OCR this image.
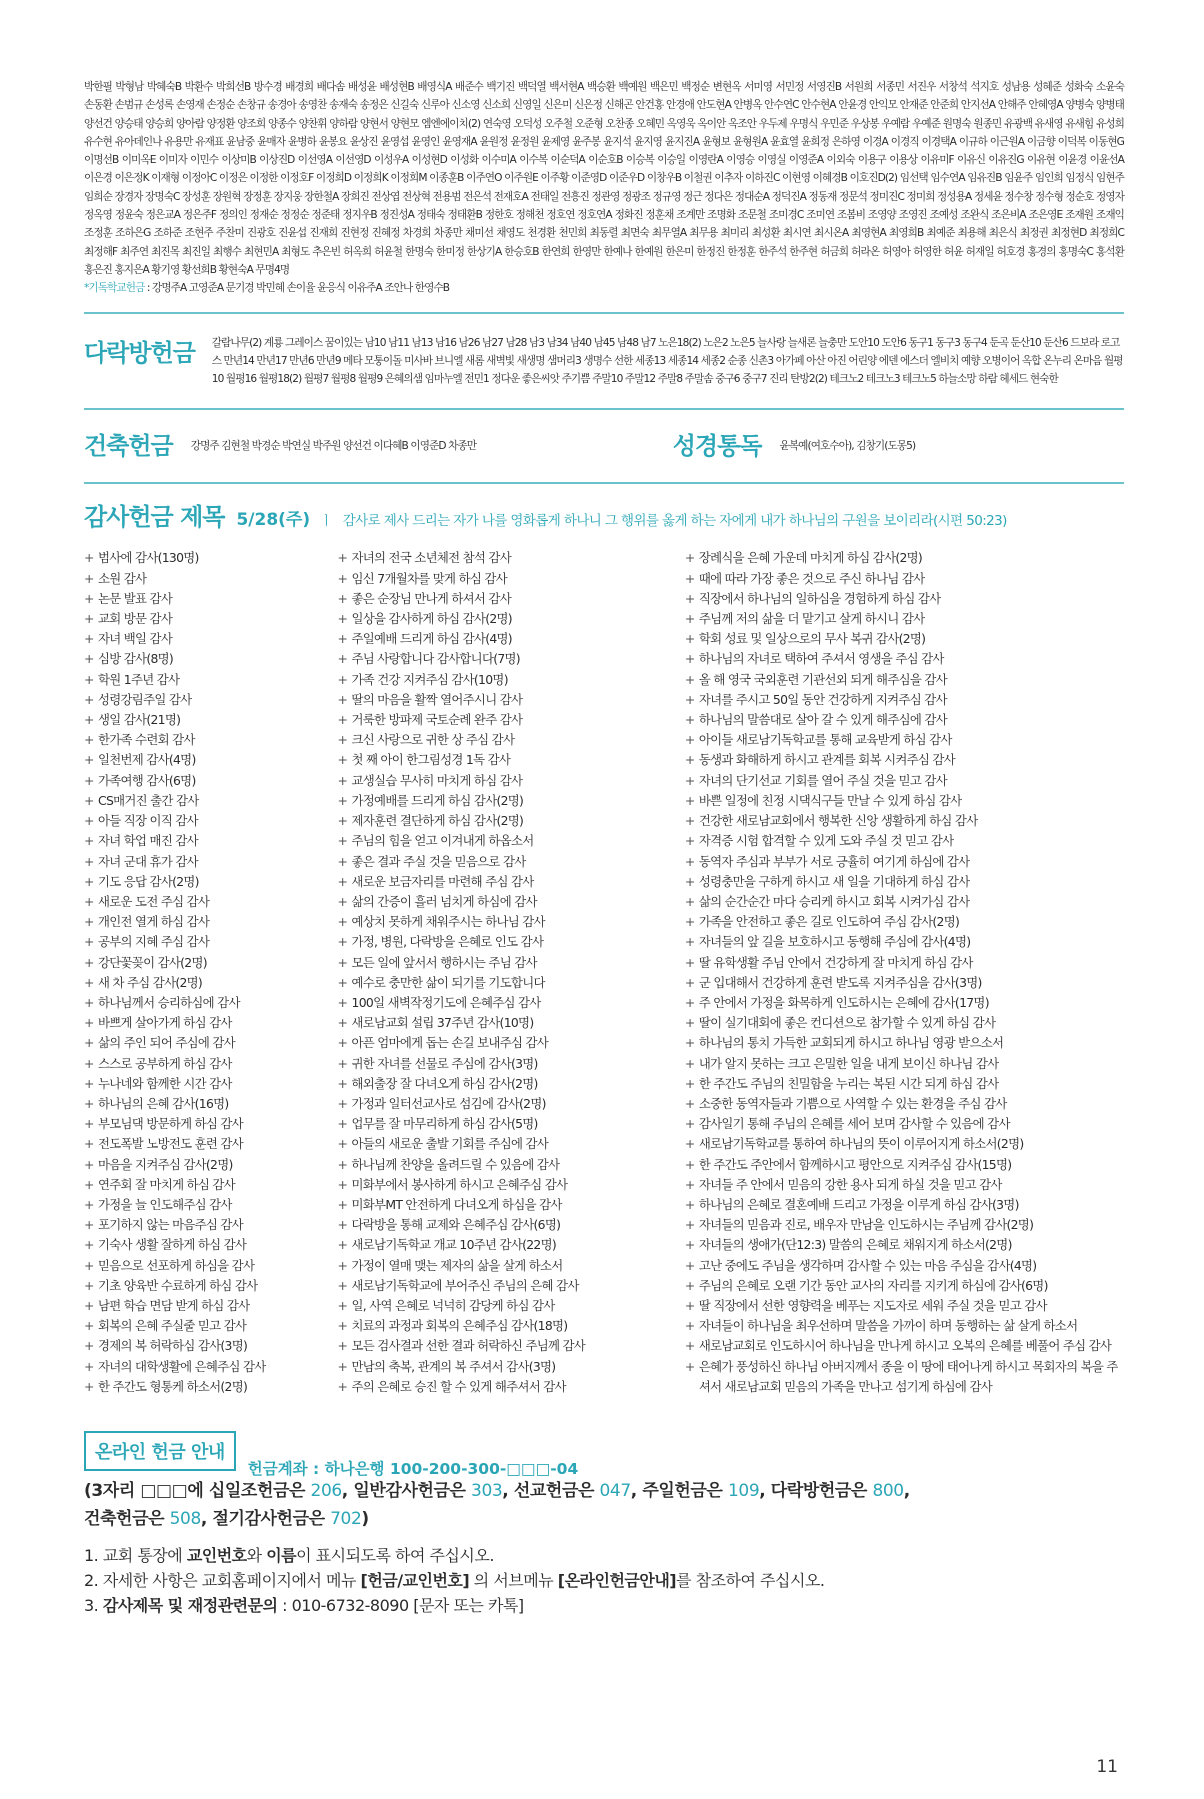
박한필 박형남 박혜숙B 박환수 박희선B 방수경 배경희 배다솜 배성윤 배성현B 배영식A 배준수 백기진 백덕열 백서현A 백승환 백예원 백은민 백정순 변현옥 서미영 서민정 서영진B 서원희 서종민 서진우 서창석 석지호 성남용 성혜준 성화숙 소윤숙 손동환 손범규 손성록 손영재 손정순 손창규 송경아 송영찬 송재숙 송정은 신길숙 신루아 신소영 신소희 신영일 신은미 신은정 신해곤 안건홍 안경애 안도현A 안병옥 안수연C 안수현A 안윤경 안익모 안재준 안준희 안지선A 안해주 안혜영A 양병숙 양병태 양선건 양승태 양승희 양아람 양정환 양조희 양종수 양찬휘 양하람 양현서 양현모 엠엔에이치(2) 연숙영 오덕성 오주철 오준형 오찬종 오혜민 옥영욱 옥이안 옥조안 우두제 우명식 우민준 우상봉 우예람 우예준 원명숙 원종민 유광백 유새영 유새힘 유성희 유수현 유아데인나 유용만 유재표 윤남중 윤매자 윤병하 윤봉요 윤상진 윤영섭 윤영인 윤영재A 윤원정 윤정원 윤제영 윤주봉 윤지석 윤지영 윤지진A 윤형보 윤형원A 윤효열 윤희정 은하영 이경A 이경직 이경택A 이규하 이근원A 이금향 이덕복 이동현G 이명선B 이미옥E 이미자 이민수 이상미B 이상진D 이선영A 이선영D 이성우A 이성현D 이성화 이수미A 이수복 이순덕A 이순호B 이승복 이승일 이영란A 이영승 이영실 이영준A 이외숙 이용구 이용상 이유미F 이유신 이유진G 이유현 이윤경 이윤선A 이은경 이은정K 이재형 이정아C 이정은 이정한 이정호F 이정희D 이정희K 이정희M 이종훈B 이주연O 이주원E 이주황 이준영D 이준우D 이창우B 이철권 이추자 이하진C 이현영 이혜경B 이호진D(2) 임선택 임수연A 임유진B 임윤주 임인희 임정식 임현주 임희순 장경자 장명숙C 장성훈 장원혁 장정훈 장지웅 장한철A 장희진 전상엽 전상혁 전용범 전은석 전재호A 전태일 전흥진 정관영 정광조 정규영 정근 정다은 정대순A 정덕진A 정동재 정문석 정미진C 정미희 정성용A 정세윤 정수창 정수형 정순호 정영자 정옥영 정윤숙 정은교A 정은주F 정의인 정재순 정정순 정준태 정지우B 정진성A 정태숙 정태환B 정한호 정해천 정호연 정호연A 정화진 정훈채 조계만 조명화 조문철 조미경C 조미연 조봄비 조영양 조영진 조예성 조완식 조은비A 조은영E 조재원 조재익 조정훈 조하은G 조하준 조현주 주찬미 진광호 진윤섭 진재희 진현정 진혜정 차경희 차종만 채미선 채영도 천경환 천민희 최동렬 최면숙 최무열A 최무용 최미리 최성환 최시연 최시온A 최영현A 최영희B 최예준 최용해 최은식 최정권 최정현D 최정희C 최정해F 최주연 최진목 최진일 최행수 최현민A 최형도 추은빈 허옥희 허윤철 한명숙 한미정 한상기A 한승호B 한연희 한영만 한예나 한예원 한은미 한정진 한정훈 한주석 한주현 허금희 허라온 허영아 허영한 허윤 허재일 허호경 홍경의 홍명숙C 홍석환 홍은진 홍지은A 황기영 황선희B 황현숙A 무명4명
*기독학교헌금 : 강명주A 고영준A 문기경 박민혜 손이율 윤응식 이유주A 조안나 한영수B
다락방헌금	갈람나무(2) 계룡 그레이스 꿈이있는 남10 남11 남13 남16 남26 남27 남28 남3 남34 남40 남45 남48 남7 노은18(2) 노은2 노은5 늘사랑 늘새론 늘충만 도안10 도안6 동구1 동구3 동구4 둔곡 둔산10 둔산6 드보라 로고스 만년14 만년17 만년6 만년9 메타 모퉁이돌 미사바 브니엘 새롬 새벽빛 새생명 샘머리3 생명수 선한 세종13 세종14 세종2 순종 신촌3 아가페 아산 아진 어린양 에덴 에스더 엘비치 예향 오병이어 옥합 온누리 온마음 월평10 월평16 월평18(2) 월평7 월평8 월평9 은혜의샘 임마누엘 전민1 정다운 좋은씨앗 주기쁨 주말10 주말12 주말8 주말솜 중구6 중구7 진리 탄방2(2) 테크노2 테크노3 테크노5 하늘소망 하람 헤세드 현숙한
건축헌금 강명주 김현철 박경순 박연실 박주원 양선건 이다혜B 이영준D 차종만	성경통독 윤복예(여호수아), 김창기(도몽5)
감사헌금 제목 5/28(주) ㅣ 감사로 제사 드리는 자가 나를 영화롭게 하나니 그 행위를 옳게 하는 자에게 내가 하나님의 구원을 보이리라(시편 50:23)
+ 범사에 감사(130명)
+ 소원 감사
+ 논문 발표 감사
+ 교회 방문 감사
+ 자녀 백일 감사
+ 심방 감사(8명)
+ 학원 1주년 감사
+ 성령강림주일 감사
+ 생일 감사(21명)
+ 한가족 수련회 감사
+ 일천번제 감사(4명)
+ 가족여행 감사(6명)
+ CS매거진 출간 감사
+ 아들 직장 이직 감사
+ 자녀 학업 매진 감사
+ 자녀 군대 휴가 감사
+ 기도 응답 감사(2명)
+ 새로운 도전 주심 감사
+ 개인전 열게 하심 감사
+ 공부의 지혜 주심 감사
+ 강단꽃꽂이 감사(2명)
+ 새 차 주심 감사(2명)
+ 하나님께서 승리하심에 감사
+ 바쁘게 살아가게 하심 감사
+ 삶의 주인 되어 주심에 감사
+ 스스로 공부하게 하심 감사
+ 누나네와 함께한 시간 감사
+ 하나님의 은혜 감사(16명)
+ 부모님댁 방문하게 하심 감사
+ 전도폭발 노방전도 훈련 감사
+ 마음을 지켜주심 감사(2명)
+ 연주회 잘 마치게 하심 감사
+ 가정을 늘 인도해주심 감사
+ 포기하지 않는 마음주심 감사
+ 기숙사 생활 잘하게 하심 감사
+ 믿음으로 선포하게 하심을 감사
+ 기초 양육반 수료하게 하심 감사
+ 남편 학습 면담 받게 하심 감사
+ 회복의 은혜 주실줄 믿고 감사
+ 경제의 복 허락하심 감사(3명)
+ 자녀의 대학생활에 은혜주심 감사
+ 한 주간도 형통케 하소서(2명)
+ 자녀의 전국 소년체전 참석 감사
+ 임신 7개월차를 맞게 하심 감사
+ 좋은 순장님 만나게 하셔서 감사
+ 일상을 감사하게 하심 감사(2명)
+ 주일예배 드리게 하심 감사(4명)
+ 주님 사랑합니다 감사합니다(7명)
+ 가족 건강 지켜주심 감사(10명)
+ 딸의 마음을 활짝 열어주시니 감사
+ 거룩한 방파제 국토순례 완주 감사
+ 크신 사랑으로 귀한 상 주심 감사
+ 첫 째 아이 한그림성경 1독 감사
+ 교생실습 무사히 마치게 하심 감사
+ 가정예배를 드리게 하심 감사(2명)
+ 제자훈련 결단하게 하심 감사(2명)
+ 주님의 힘을 얻고 이겨내게 하옵소서
+ 좋은 결과 주실 것을 믿음으로 감사
+ 새로운 보금자리를 마련해 주심 감사
+ 삶의 간증이 흘러 넘치게 하심에 감사
+ 예상치 못하게 채워주시는 하나님 감사
+ 가정, 병원, 다락방을 은혜로 인도 감사
+ 모든 일에 앞서서 행하시는 주님 감사
+ 예수로 충만한 삶이 되기를 기도합니다
+ 100일 새벽작정기도에 은혜주심 감사
+ 새로남교회 설립 37주년 감사(10명)
+ 아픈 엄마에게 돕는 손길 보내주심 감사
+ 귀한 자녀를 선물로 주심에 감사(3명)
+ 해외출장 잘 다녀오게 하심 감사(2명)
+ 가정과 일터선교사로 섬김에 감사(2명)
+ 업무를 잘 마무리하게 하심 감사(5명)
+ 아들의 새로운 출발 기회를 주심에 감사
+ 하나님께 찬양을 올려드릴 수 있음에 감사
+ 미화부에서 봉사하게 하시고 은혜주심 감사
+ 미화부MT 안전하게 다녀오게 하심을 감사
+ 다락방을 통해 교제와 은혜주심 감사(6명)
+ 새로남기독학교 개교 10주년 감사(22명)
+ 가정이 열매 맺는 제자의 삶을 살게 하소서
+ 새로남기독학교에 부어주신 주님의 은혜 감사
+ 일, 사역 은혜로 넉넉히 감당케 하심 감사
+ 치료의 과정과 회복의 은혜주심 감사(18명)
+ 모든 검사결과 선한 결과 허락하신 주님께 감사
+ 만남의 축복, 관계의 복 주셔서 감사(3명)
+ 주의 은혜로 승진 할 수 있게 해주셔서 감사
+ 장례식을 은혜 가운데 마치게 하심 감사(2명)
+ 때에 따라 가장 좋은 것으로 주신 하나님 감사
+ 직장에서 하나님의 일하심을 경험하게 하심 감사
+ 주님께 저의 삶을 더 맡기고 살게 하시니 감사
+ 학회 성료 및 일상으로의 무사 복귀 감사(2명)
+ 하나님의 자녀로 택하여 주셔서 영생을 주심 감사
+ 올 해 영국 국외훈련 기관선외 되게 해주심을 감사
+ 자녀를 주시고 50일 동안 건강하게 지켜주심 감사
+ 하나님의 말씀대로 살아 갈 수 있게 해주심에 감사
+ 아이들 새로남기독학교를 통해 교육받게 하심 감사
+ 동생과 화해하게 하시고 관계를 회복 시켜주심 감사
+ 자녀의 단기선교 기회를 열어 주실 것을 믿고 감사
+ 바쁜 일정에 친정 시댁식구들 만날 수 있게 하심 감사
+ 건강한 새로남교회에서 행복한 신앙 생활하게 하심 감사
+ 자격증 시험 합격할 수 있게 도와 주실 것 믿고 감사
+ 동역자 주심과 부부가 서로 긍휼히 여기게 하심에 감사
+ 성령충만을 구하게 하시고 새 일을 기대하게 하심 감사
+ 삶의 순간순간 마다 승리케 하시고 회복 시켜가심 감사
+ 가족을 안전하고 좋은 길로 인도하여 주심 감사(2명)
+ 자녀들의 앞 길을 보호하시고 동행해 주심에 감사(4명)
+ 딸 유학생활 주님 안에서 건강하게 잘 마치게 하심 감사
+ 군 입대해서 건강하게 훈련 받도록 지켜주심을 감사(3명)
+ 주 안에서 가정을 화목하게 인도하시는 은혜에 감사(17명)
+ 딸이 실기대회에 좋은 컨디션으로 참가할 수 있게 하심 감사
+ 하나님의 통치 가득한 교회되게 하시고 하나님 영광 받으소서
+ 내가 알지 못하는 크고 은밀한 일을 내게 보이신 하나님 감사
+ 한 주간도 주님의 친밀함을 누리는 복된 시간 되게 하심 감사
+ 소중한 동역자들과 기쁨으로 사역할 수 있는 환경을 주심 감사
+ 감사일기 통해 주님의 은혜를 세어 보며 감사할 수 있음에 감사
+ 새로남기독학교를 통하여 하나님의 뜻이 이루어지게 하소서(2명)
+ 한 주간도 주안에서 함께하시고 평안으로 지켜주심 감사(15명)
+ 자녀들 주 안에서 믿음의 강한 용사 되게 하실 것을 믿고 감사
+ 하나님의 은혜로 결혼예배 드리고 가정을 이루게 하심 감사(3명)
+ 자녀들의 믿음과 진로, 배우자 만남을 인도하시는 주님께 감사(2명)
+ 자녀들의 생애가(단12:3) 말씀의 은혜로 채워지게 하소서(2명)
+ 고난 중에도 주님을 생각하며 감사할 수 있는 마음 주심을 감사(4명)
+ 주님의 은혜로 오랜 기간 동안 교사의 자리를 지키게 하심에 감사(6명)
+ 딸 직장에서 선한 영향력을 베푸는 지도자로 세워 주실 것을 믿고 감사
+ 자녀들이 하나님을 최우선하며 말씀을 가까이 하며 동행하는 삶 살게 하소서
+ 새로남교회로 인도하시어 하나님을 만나게 하시고 오복의 은혜를 베풀어 주심 감사
+ 은혜가 풍성하신 하나님 아버지께서 종을 이 땅에 태어나게 하시고 목회자의 복을 주셔서 새로남교회 믿음의 가족을 만나고 섬기게 하심에 감사
온라인 헌금 안내헌금계좌 : 하나은행 100-200-300-□□□-04
(3자리 □□□에 십일조헌금은 206, 일반감사헌금은 303, 선교헌금은 047, 주일헌금은 109, 다락방헌금은 800,
건축헌금은 508, 절기감사헌금은 702)
1. 교회 통장에 교인번호와 이름이 표시되도록 하여 주십시오.
2. 자세한 사항은 교회홈페이지에서 메뉴 [헌금/교인번호] 의 서브메뉴 [온라인헌금안내]를 참조하여 주십시오.
3. 감사제목 및 재정관련문의 : 010-6732-8090 [문자 또는 카톡]
11
